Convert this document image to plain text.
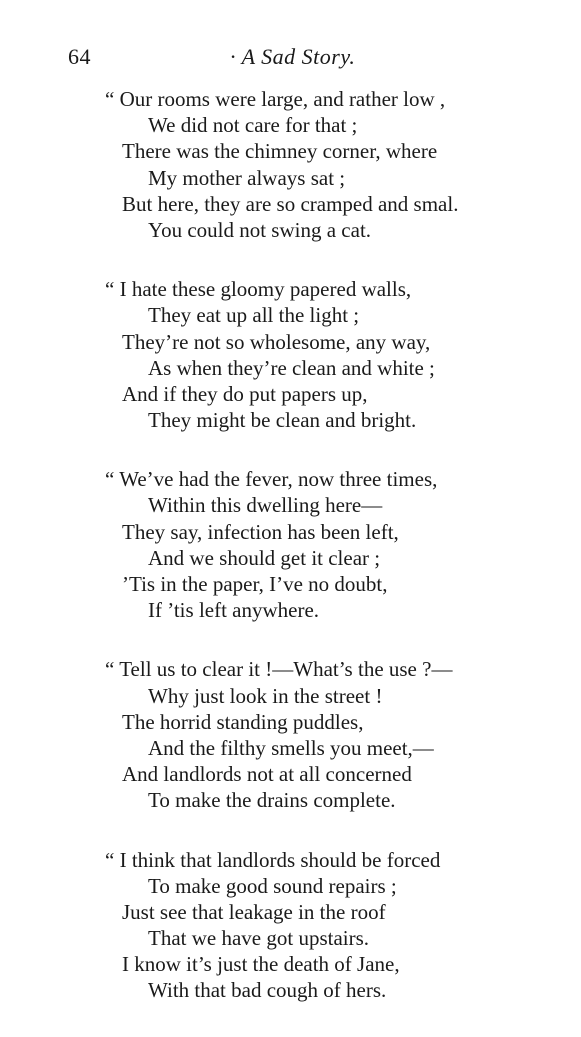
64	· A Sad Story.
“ Our rooms were large, and rather low ,
We did not care for that ;
There was the chimney corner, where
My mother always sat ;
But here, they are so cramped and smal.
You could not swing a cat.
“ I hate these gloomy papered walls,
They eat up all the light ;
They’re not so wholesome, any way,
As when they’re clean and white ;
And if they do put papers up,
They might be clean and bright.
“ We’ve had the fever, now three times,
Within this dwelling here—
They say, infection has been left,
And we should get it clear ;
’Tis in the paper, I’ve no doubt,
If ’tis left anywhere.
“ Tell us to clear it !—What’s the use ?—
Why just look in the street !
The horrid standing puddles,
And the filthy smells you meet,—
And landlords not at all concerned
To make the drains complete.
“ I think that landlords should be forced
To make good sound repairs ;
Just see that leakage in the roof
That we have got upstairs.
I know it’s just the death of Jane,
With that bad cough of hers.
